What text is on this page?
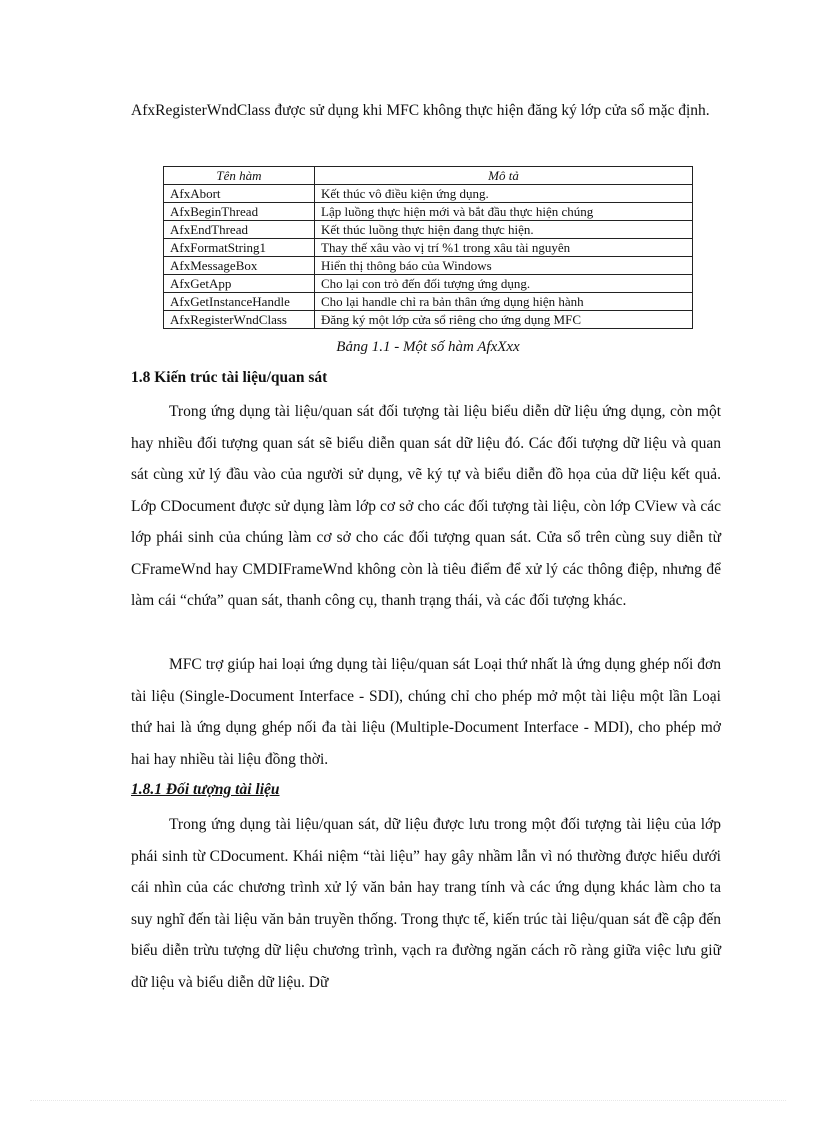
AfxRegisterWndClass được sử dụng khi MFC không thực hiện đăng ký lớp cửa sổ mặc định.

Tên hàm	Mô tả
AfxAbort	Kết thúc vô điều kiện ứng dụng.
AfxBeginThread	Lập luồng thực hiện mới và bắt đầu thực hiện chúng
AfxEndThread	Kết thúc luồng thực hiện đang thực hiện.
AfxFormatString1	Thay thế xâu vào vị trí %1 trong xâu tài nguyên
AfxMessageBox	Hiển thị thông báo của Windows
AfxGetApp	Cho lại con trỏ đến đối tượng ứng dụng.
AfxGetInstanceHandle	Cho lại handle chỉ ra bản thân ứng dụng hiện hành
AfxRegisterWndClass	Đăng ký một lớp cửa sổ riêng cho ứng dụng MFC

Bảng 1.1 - Một số hàm AfxXxx

1.8 Kiến trúc tài liệu/quan sát

Trong ứng dụng tài liệu/quan sát đối tượng tài liệu biểu diễn dữ liệu ứng dụng, còn một hay nhiều đối tượng quan sát sẽ biểu diễn quan sát dữ liệu đó. Các đối tượng dữ liệu và quan sát cùng xử lý đầu vào của người sử dụng, vẽ ký tự và biểu diễn đồ họa của dữ liệu kết quả. Lớp CDocument được sử dụng làm lớp cơ sở cho các đối tượng tài liệu, còn lớp CView và các lớp phái sinh của chúng làm cơ sở cho các đối tượng quan sát. Cửa sổ trên cùng suy diễn từ CFrameWnd hay CMDIFrameWnd không còn là tiêu điểm để xử lý các thông điệp, nhưng để làm cái “chứa” quan sát, thanh công cụ, thanh trạng thái, và các đối tượng khác.

MFC trợ giúp hai loại ứng dụng tài liệu/quan sát Loại thứ nhất là ứng dụng ghép nối đơn tài liệu (Single-Document Interface - SDI), chúng chỉ cho phép mở một tài liệu một lần Loại thứ hai là ứng dụng ghép nối đa tài liệu (Multiple-Document Interface - MDI), cho phép mở hai hay nhiều tài liệu đồng thời.

1.8.1 Đối tượng tài liệu

Trong ứng dụng tài liệu/quan sát, dữ liệu được lưu trong một đối tượng tài liệu của lớp phái sinh từ CDocument. Khái niệm “tài liệu” hay gây nhầm lẫn vì nó thường được hiểu dưới cái nhìn của các chương trình xử lý văn bản hay trang tính và các ứng dụng khác làm cho ta suy nghĩ đến tài liệu văn bản truyền thống. Trong thực tế, kiến trúc tài liệu/quan sát đề cập đến biểu diễn trừu tượng dữ liệu chương trình, vạch ra đường ngăn cách rõ ràng giữa việc lưu giữ dữ liệu và biểu diễn dữ liệu. Dữ
